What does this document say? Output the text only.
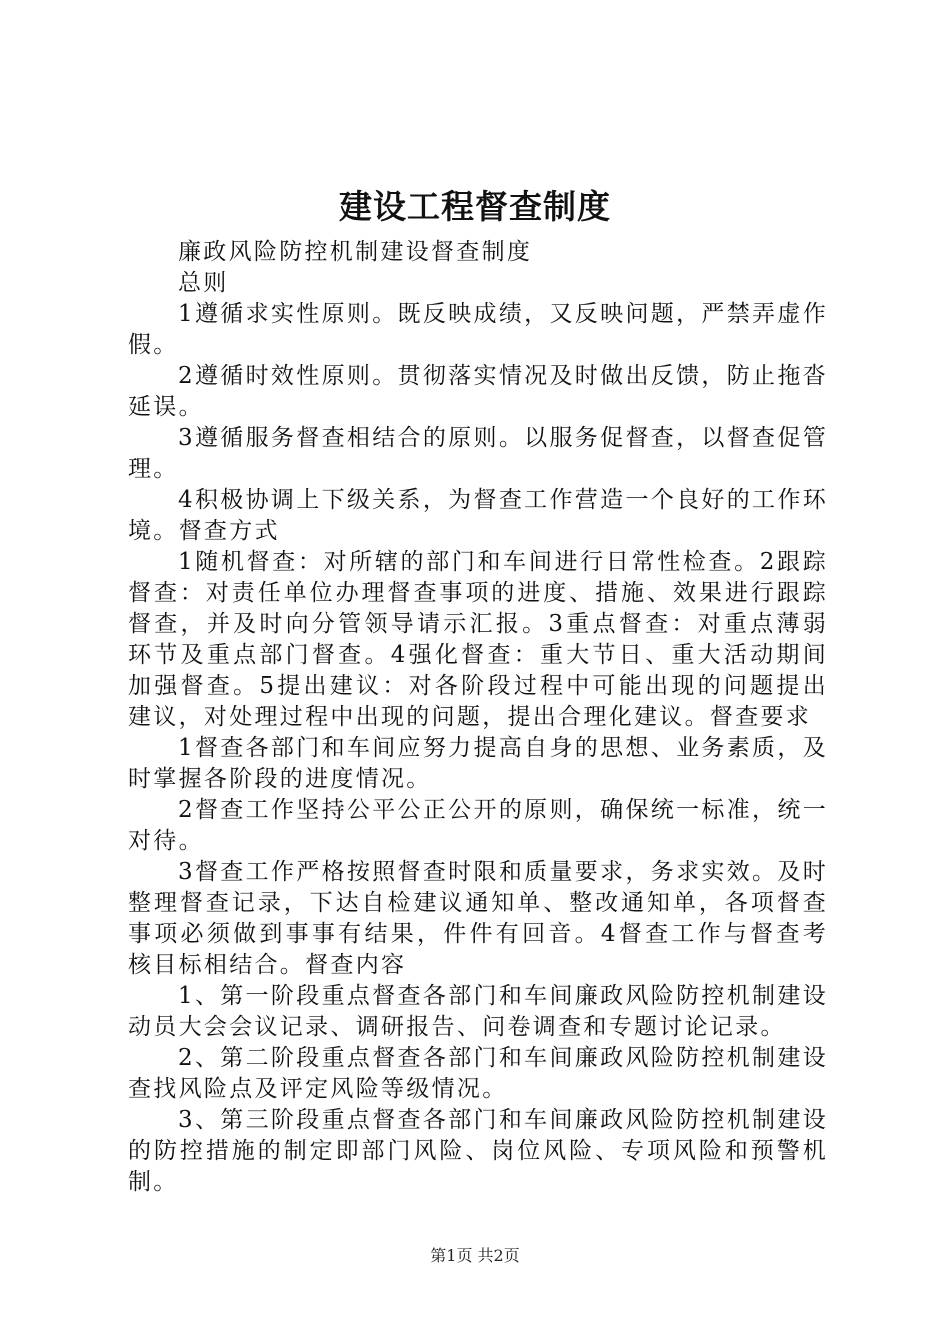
建设工程督查制度

廉政风险防控机制建设督查制度

总则

1遵循求实性原则。既反映成绩，又反映问题，严禁弄虚作假。

2遵循时效性原则。贯彻落实情况及时做出反馈，防止拖沓延误。

3遵循服务督查相结合的原则。以服务促督查，以督查促管理。

4积极协调上下级关系，为督查工作营造一个良好的工作环境。督查方式

1随机督查：对所辖的部门和车间进行日常性检查。2跟踪督查：对责任单位办理督查事项的进度、措施、效果进行跟踪督查，并及时向分管领导请示汇报。3重点督查：对重点薄弱环节及重点部门督查。4强化督查：重大节日、重大活动期间加强督查。5提出建议：对各阶段过程中可能出现的问题提出建议，对处理过程中出现的问题，提出合理化建议。督查要求

1督查各部门和车间应努力提高自身的思想、业务素质，及时掌握各阶段的进度情况。

2督查工作坚持公平公正公开的原则，确保统一标准，统一对待。

3督查工作严格按照督查时限和质量要求，务求实效。及时整理督查记录，下达自检建议通知单、整改通知单，各项督查事项必须做到事事有结果，件件有回音。4督查工作与督查考核目标相结合。督查内容

1、第一阶段重点督查各部门和车间廉政风险防控机制建设动员大会会议记录、调研报告、问卷调查和专题讨论记录。

2、第二阶段重点督查各部门和车间廉政风险防控机制建设查找风险点及评定风险等级情况。

3、第三阶段重点督查各部门和车间廉政风险防控机制建设的防控措施的制定即部门风险、岗位风险、专项风险和预警机制。

第1页 共2页
